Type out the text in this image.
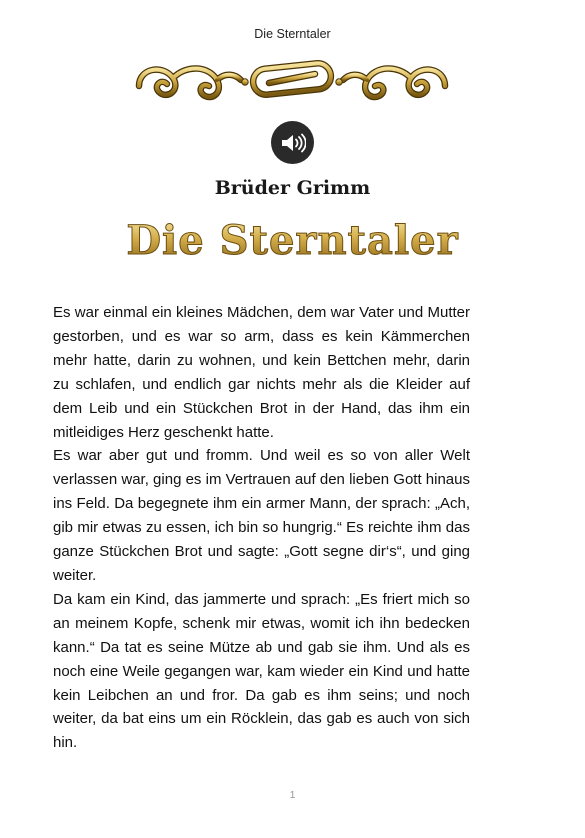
Die Sterntaler
Brüder Grimm
Die Sterntaler

Es war einmal ein kleines Mädchen, dem war Vater und Mutter gestorben, und es war so arm, dass es kein Kämmerchen mehr hatte, darin zu wohnen, und kein Bettchen mehr, darin zu schlafen, und endlich gar nichts mehr als die Kleider auf dem Leib und ein Stückchen Brot in der Hand, das ihm ein mitleidiges Herz geschenkt hatte.

Es war aber gut und fromm. Und weil es so von aller Welt verlassen war, ging es im Vertrauen auf den lieben Gott hinaus ins Feld. Da begegnete ihm ein armer Mann, der sprach: „Ach, gib mir etwas zu essen, ich bin so hungrig.“ Es reichte ihm das ganze Stückchen Brot und sagte: „Gott segne dir‘s“, und ging weiter.

Da kam ein Kind, das jammerte und sprach: „Es friert mich so an meinem Kopfe, schenk mir etwas, womit ich ihn bedecken kann.“ Da tat es seine Mütze ab und gab sie ihm. Und als es noch eine Weile gegangen war, kam wieder ein Kind und hatte kein Leibchen an und fror. Da gab es ihm seins; und noch weiter, da bat eins um ein Röcklein, das gab es auch von sich hin.

1
